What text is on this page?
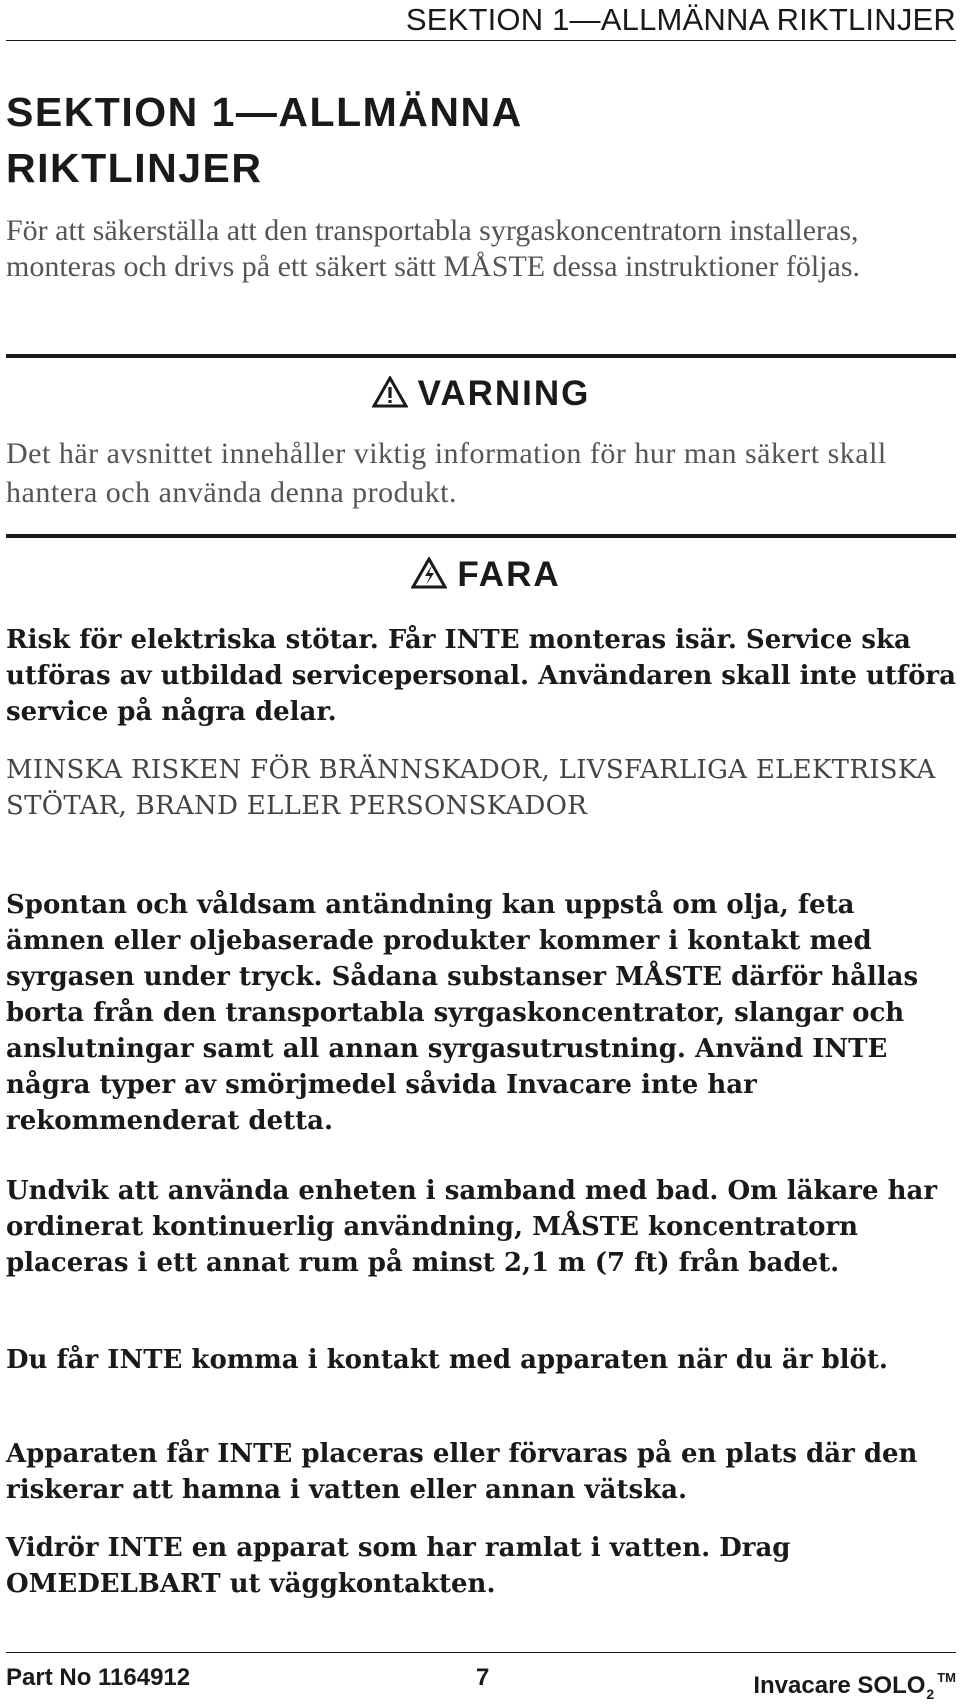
SEKTION 1—ALLMÄNNA RIKTLINJER
SEKTION 1—ALLMÄNNA
RIKTLINJER

För att säkerställa att den transportabla syrgaskoncentratorn installeras, monteras och drivs på ett säkert sätt MÅSTE dessa instruktioner följas.

VARNING

Det här avsnittet innehåller viktig information för hur man säkert skall hantera och använda denna produkt.

FARA

Risk för elektriska stötar. Får INTE monteras isär. Service ska utföras av utbildad servicepersonal. Användaren skall inte utföra service på några delar.

MINSKA RISKEN FÖR BRÄNNSKADOR, LIVSFARLIGA ELEKTRISKA STÖTAR, BRAND ELLER PERSONSKADOR

Spontan och våldsam antändning kan uppstå om olja, feta ämnen eller oljebaserade produkter kommer i kontakt med syrgasen under tryck. Sådana substanser MÅSTE därför hållas borta från den transportabla syrgaskoncentrator, slangar och anslutningar samt all annan syrgasutrustning. Använd INTE några typer av smörjmedel såvida Invacare inte har rekommenderat detta.

Undvik att använda enheten i samband med bad. Om läkare har ordinerat kontinuerlig användning, MÅSTE koncentratorn placeras i ett annat rum på minst 2,1 m (7 ft) från badet.

Du får INTE komma i kontakt med apparaten när du är blöt.

Apparaten får INTE placeras eller förvaras på en plats där den riskerar att hamna i vatten eller annan vätska.

Vidrör INTE en apparat som har ramlat i vatten. Drag OMEDELBART ut väggkontakten.

Part No 1164912	7	Invacare $SOLO_2™$
